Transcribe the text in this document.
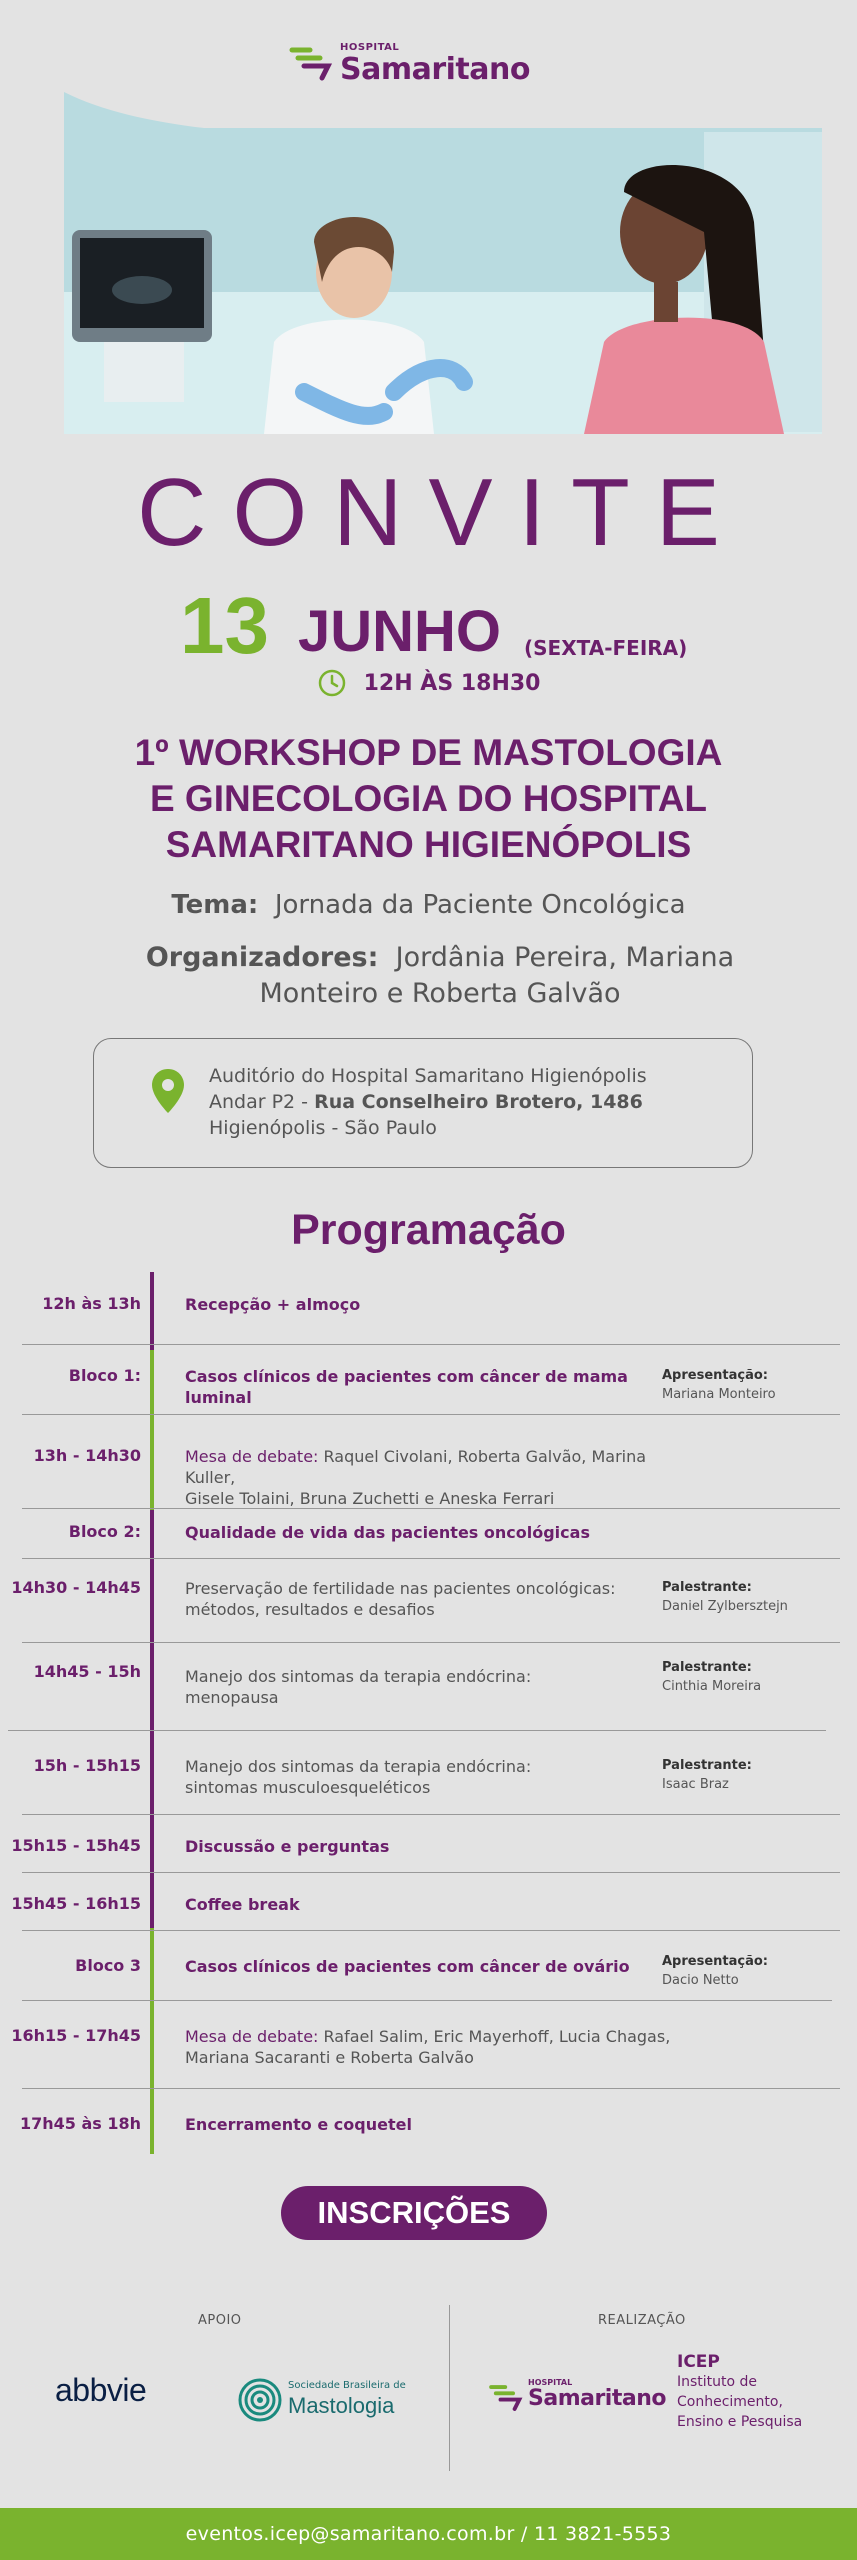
HOSPITAL
Samaritano
CONVITE
13 JUNHO (SEXTA-FEIRA)
12H ÀS 18H30
1º WORKSHOP DE MASTOLOGIA
E GINECOLOGIA DO HOSPITAL
SAMARITANO HIGIENÓPOLIS
Tema: Jornada da Paciente Oncológica
Organizadores: Jordânia Pereira, Mariana
Monteiro e Roberta Galvão
Auditório do Hospital Samaritano Higienópolis
Andar P2 - Rua Conselheiro Brotero, 1486
Higienópolis - São Paulo
Programação
12h às 13h	Recepção + almoço
Bloco 1:	Casos clínicos de pacientes com câncer de mama luminal
Apresentação:
Mariana Monteiro
13h - 14h30	Mesa de debate: Raquel Civolani, Roberta Galvão, Marina Kuller,
Gisele Tolaini, Bruna Zuchetti e Aneska Ferrari
Bloco 2:	Qualidade de vida das pacientes oncológicas
14h30 - 14h45	Preservação de fertilidade nas pacientes oncológicas:
métodos, resultados e desafios
Palestrante:
Daniel Zylbersztejn
14h45 - 15h	Manejo dos sintomas da terapia endócrina:
menopausa
Palestrante:
Cinthia Moreira
15h - 15h15	Manejo dos sintomas da terapia endócrina:
sintomas musculoesqueléticos
Palestrante:
Isaac Braz
15h15 - 15h45	Discussão e perguntas
15h45 - 16h15	Coffee break
Bloco 3	Casos clínicos de pacientes com câncer de ovário	Apresentação:
Dacio Netto
16h15 - 17h45	Mesa de debate: Rafael Salim, Eric Mayerhoff, Lucia Chagas,
Mariana Sacaranti e Roberta Galvão
17h45 às 18h	Encerramento e coquetel
INSCRIÇÕES
APOIO	REALIZAÇÃO
abbvie	Sociedade Brasileira de
Mastologia
HOSPITAL
Samaritano
ICEP
Instituto de
Conhecimento,
Ensino e Pesquisa
eventos.icep@samaritano.com.br / 11 3821-5553
